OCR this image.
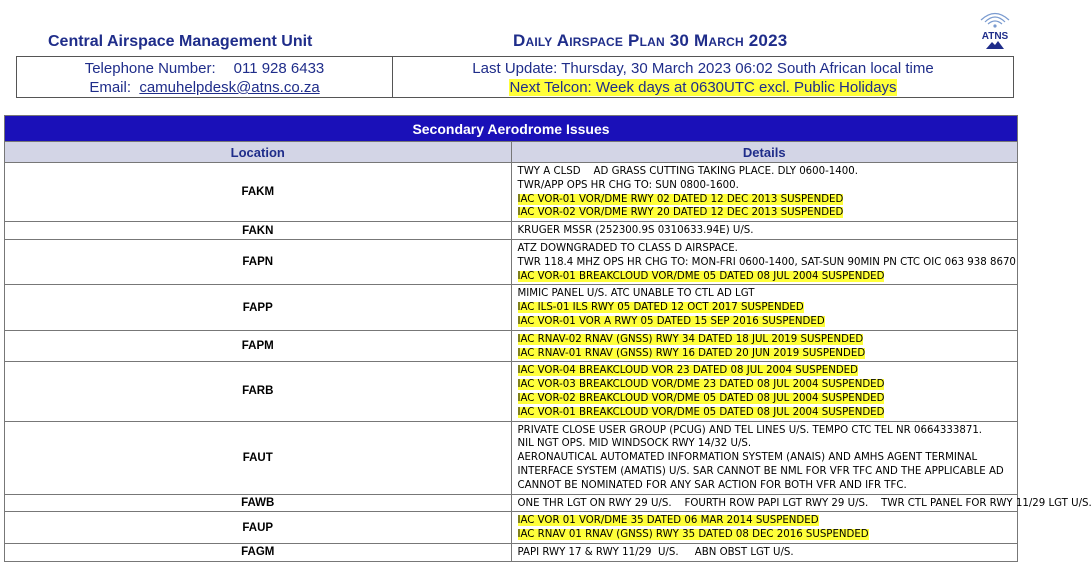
Central Airspace Management Unit	Daily Airspace Plan 30 March 2023	ATNS
Telephone Number: 011 928 6433
Email: camuhelpdesk@atns.co.za
Last Update: Thursday, 30 March 2023 06:02 South African local time
Next Telcon: Week days at 0630UTC excl. Public Holidays
Secondary Aerodrome Issues	
Location	Details
FAKM	TWY A CLSD    AD GRASS CUTTING TAKING PLACE. DLY 0600-1400.
TWR/APP OPS HR CHG TO: SUN 0800-1600.
IAC VOR-01 VOR/DME RWY 02 DATED 12 DEC 2013 SUSPENDED
IAC VOR-02 VOR/DME RWY 20 DATED 12 DEC 2013 SUSPENDED

FAKN	KRUGER MSSR (252300.9S 0310633.94E) U/S.

FAPN	ATZ DOWNGRADED TO CLASS D AIRSPACE.
TWR 118.4 MHZ OPS HR CHG TO: MON-FRI 0600-1400, SAT-SUN 90MIN PN CTC OIC 063 938 8670
IAC VOR-01 BREAKCLOUD VOR/DME 05 DATED 08 JUL 2004 SUSPENDED

FAPP	MIMIC PANEL U/S. ATC UNABLE TO CTL AD LGT
IAC ILS-01 ILS RWY 05 DATED 12 OCT 2017 SUSPENDED
IAC VOR-01 VOR A RWY 05 DATED 15 SEP 2016 SUSPENDED

FAPM	IAC RNAV-02 RNAV (GNSS) RWY 34 DATED 18 JUL 2019 SUSPENDED
IAC RNAV-01 RNAV (GNSS) RWY 16 DATED 20 JUN 2019 SUSPENDED

FARB	IAC VOR-04 BREAKCLOUD VOR 23 DATED 08 JUL 2004 SUSPENDED
IAC VOR-03 BREAKCLOUD VOR/DME 23 DATED 08 JUL 2004 SUSPENDED
IAC VOR-02 BREAKCLOUD VOR/DME 05 DATED 08 JUL 2004 SUSPENDED
IAC VOR-01 BREAKCLOUD VOR/DME 05 DATED 08 JUL 2004 SUSPENDED

FAUT	PRIVATE CLOSE USER GROUP (PCUG) AND TEL LINES U/S. TEMPO CTC TEL NR 0664333871.
NIL NGT OPS. MID WINDSOCK RWY 14/32 U/S.
AERONAUTICAL AUTOMATED INFORMATION SYSTEM (ANAIS) AND AMHS AGENT TERMINAL INTERFACE SYSTEM (AMATIS) U/S. SAR CANNOT BE NML FOR VFR TFC AND THE APPLICABLE AD CANNOT BE NOMINATED FOR ANY SAR ACTION FOR BOTH VFR AND IFR TFC.

FAWB	ONE THR LGT ON RWY 29 U/S.    FOURTH ROW PAPI LGT RWY 29 U/S.    TWR CTL PANEL FOR RWY 11/29 LGT U/S.

FAUP	IAC VOR 01 VOR/DME 35 DATED 06 MAR 2014 SUSPENDED
IAC RNAV 01 RNAV (GNSS) RWY 35 DATED 08 DEC 2016 SUSPENDED

FAGM	PAPI RWY 17 & RWY 11/29  U/S.     ABN OBST LGT U/S.
